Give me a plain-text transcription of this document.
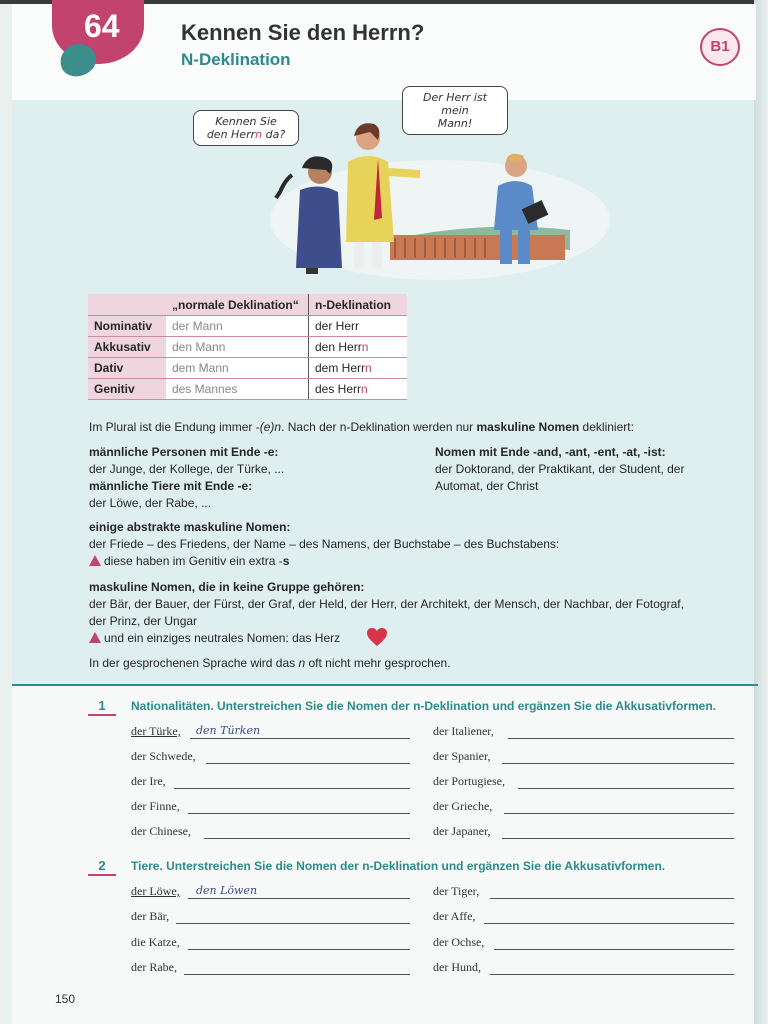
64	Kennen Sie den Herrn?
N-Deklination
B1
Kennen Sie
den Herrn da?
Der Herr ist mein
Mann!
	„normale Deklination“	n-Deklination
Nominativ	der Mann	der Herr
Akkusativ	den Mann	den Herrn
Dativ	dem Mann	dem Herrn
Genitiv	des Mannes	des Herrn
Im Plural ist die Endung immer -(e)n. Nach der n-Deklination werden nur maskuline Nomen dekliniert:
männliche Personen mit Ende -e:
der Junge, der Kollege, der Türke, ...
männliche Tiere mit Ende -e:
der Löwe, der Rabe, ...
Nomen mit Ende -and, -ant, -ent, -at, -ist:
der Doktorand, der Praktikant, der Student, der
Automat, der Christ
einige abstrakte maskuline Nomen:
der Friede – des Friedens, der Name – des Namens, der Buchstabe – des Buchstabens:
diese haben im Genitiv ein extra -s
maskuline Nomen, die in keine Gruppe gehören:
der Bär, der Bauer, der Fürst, der Graf, der Held, der Herr, der Architekt, der Mensch, der Nachbar, der Fotograf,
der Prinz, der Ungar
und ein einziges neutrales Nomen: das Herz
In der gesprochenen Sprache wird das n oft nicht mehr gesprochen.
1	Nationalitäten. Unterstreichen Sie die Nomen der n-Deklination und ergänzen Sie die Akkusativformen.
der Türke, den Türken
der Schwede,
der Ire,
der Finne,
der Chinese,
der Italiener,
der Spanier,
der Portugiese,
der Grieche,
der Japaner,
2	Tiere. Unterstreichen Sie die Nomen der n-Deklination und ergänzen Sie die Akkusativformen.
der Löwe, den Löwen
der Bär,
die Katze,
der Rabe,
der Tiger,
der Affe,
der Ochse,
der Hund,
150
